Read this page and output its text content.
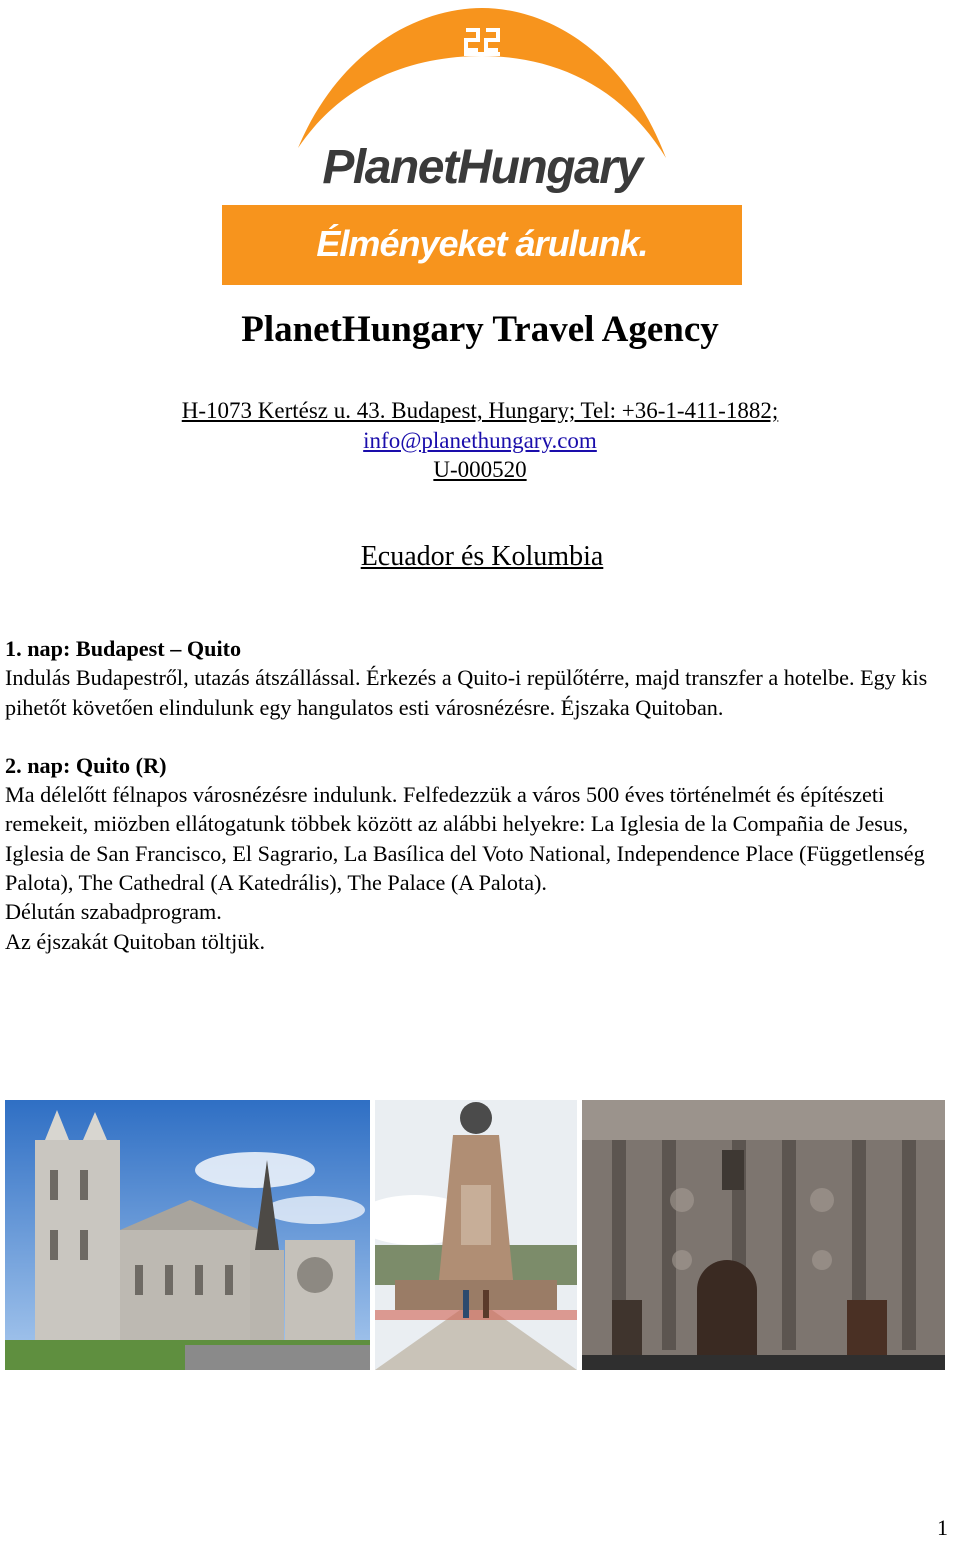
PlanetHungary
Élményeket árulunk.
PlanetHungary Travel Agency
H-1073 Kertész u. 43. Budapest, Hungary; Tel: +36-1-411-1882;
info@planethungary.com
U-000520
Ecuador és Kolumbia
1. nap: Budapest – Quito

Indulás Budapestről, utazás átszállással. Érkezés a Quito-i repülőtérre, majd transzfer a hotelbe. Egy kis pihetőt követően elindulunk egy hangulatos esti városnézésre. Éjszaka Quitoban.

2. nap: Quito (R)

Ma délelőtt félnapos városnézésre indulunk. Felfedezzük a város 500 éves történelmét és építészeti remekeit, miözben ellátogatunk többek között az alábbi helyekre: La Iglesia de la Compañia de Jesus, Iglesia de San Francisco, El Sagrario, La Basílica del Voto National, Independence Place (Függetlenség Palota), The Cathedral (A Katedrális), The Palace (A Palota).

Délután szabadprogram.

Az éjszakát Quitoban töltjük.

1
